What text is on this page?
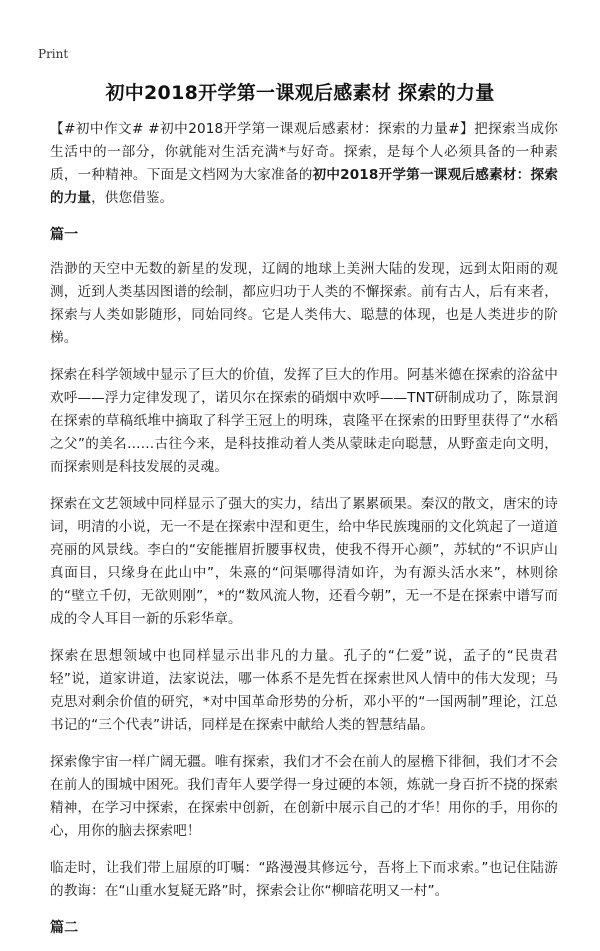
Print
初中2018开学第一课观后感素材 探索的力量

【#初中作文# #初中2018开学第一课观后感素材：探索的力量#】把探索当成你生活中的一部分，你就能对生活充满*与好奇。探索，是每个人必须具备的一种素质，一种精神。下面是文档网为大家准备的初中2018开学第一课观后感素材：探索的力量，供您借鉴。

篇一

浩渺的天空中无数的新星的发现，辽阔的地球上美洲大陆的发现，远到太阳雨的观测，近到人类基因图谱的绘制，都应归功于人类的不懈探索。前有古人，后有来者，探索与人类如影随形，同始同终。它是人类伟大、聪慧的体现，也是人类进步的阶梯。

探索在科学领域中显示了巨大的价值，发挥了巨大的作用。阿基米德在探索的浴盆中欢呼——浮力定律发现了，诺贝尔在探索的硝烟中欢呼——TNT研制成功了，陈景润在探索的草稿纸堆中摘取了科学王冠上的明珠，袁隆平在探索的田野里获得了“水稻之父”的美名……古往今来，是科技推动着人类从蒙昧走向聪慧，从野蛮走向文明，而探索则是科技发展的灵魂。

探索在文艺领域中同样显示了强大的实力，结出了累累硕果。秦汉的散文，唐宋的诗词，明清的小说，无一不是在探索中涅和更生，给中华民族瑰丽的文化筑起了一道道亮丽的风景线。李白的“安能摧眉折腰事权贵，使我不得开心颜”，苏轼的“不识庐山真面目，只缘身在此山中”，朱熹的“问渠哪得清如许，为有源头活水来”，林则徐的“壁立千仞，无欲则刚”，*的“数风流人物，还看今朝”，无一不是在探索中谱写而成的令人耳目一新的乐彩华章。

探索在思想领域中也同样显示出非凡的力量。孔子的“仁爱”说，孟子的“民贵君轻”说，道家讲道，法家说法，哪一体系不是先哲在探索世风人情中的伟大发现；马克思对剩余价值的研究，*对中国革命形势的分析，邓小平的“一国两制”理论，江总书记的“三个代表”讲话，同样是在探索中献给人类的智慧结晶。

探索像宇宙一样广阔无疆。唯有探索，我们才不会在前人的屋檐下徘徊，我们才不会在前人的围城中困死。我们青年人要学得一身过硬的本领，炼就一身百折不挠的探索精神，在学习中探索，在探索中创新，在创新中展示自己的才华！用你的手，用你的心，用你的脑去探索吧！

临走时，让我们带上屈原的叮嘱：“路漫漫其修远兮，吾将上下而求索。”也记住陆游的教诲：在“山重水复疑无路”时，探索会让你“柳暗花明又一村”。

篇二
